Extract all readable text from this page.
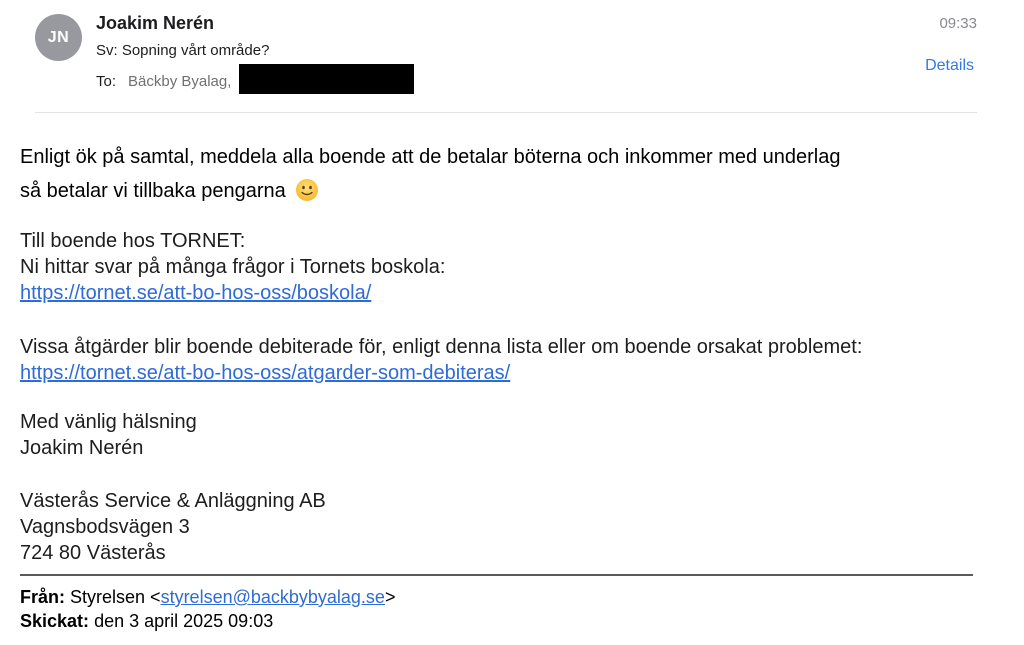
JN
Joakim Nerén
Sv: Sopning vårt område?
To: Bäckby Byalag,
09:33
Details

Enligt ök på samtal, meddela alla boende att de betalar böterna och inkommer med underlag

så betalar vi tillbaka pengarna

Till boende hos TORNET:
Ni hittar svar på många frågor i Tornets boskola:
https://tornet.se/att-bo-hos-oss/boskola/
Vissa åtgärder blir boende debiterade för, enligt denna lista eller om boende orsakat problemet:
https://tornet.se/att-bo-hos-oss/atgarder-som-debiteras/
Med vänlig hälsning
Joakim Nerén
Västerås Service & Anläggning AB
Vagnsbodsvägen 3
724 80 Västerås
Från: Styrelsen <styrelsen@backbybyalag.se>
Skickat: den 3 april 2025 09:03
